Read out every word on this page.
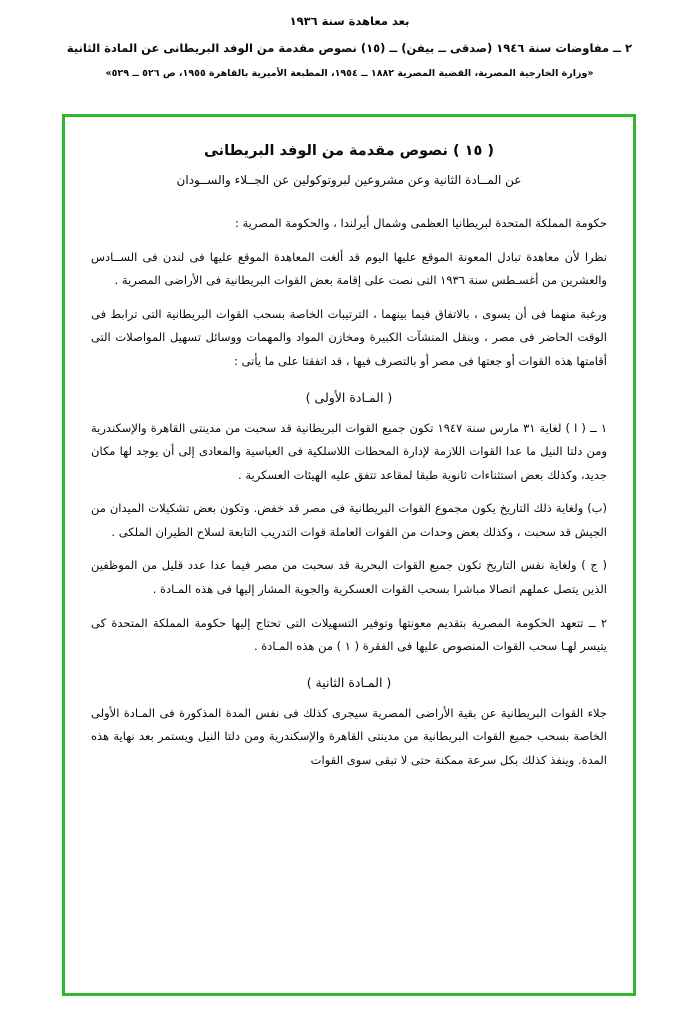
بعد معاهدة سنة ١٩٣٦
٢ ــ مفاوضات سنة ١٩٤٦ (صدقى ــ بيفن) ــ (١٥) نصوص مقدمة من الوفد البريطانى عن المادة الثانية
«وزارة الخارجية المصرية، القضية المصرية ١٨٨٢ ــ ١٩٥٤، المطبعة الأميرية بالقاهرة ١٩٥٥، ص ٥٢٦ ــ ٥٢٩»
( ١٥ ) نصوص مقدمة من الوفد البريطانى
عن المــادة الثانية وعن مشروعين لبروتوكولين عن الجــلاء والســودان

حكومة المملكة المتحدة لبريطانيا العظمى وشمال أيرلندا ، والحكومة المصرية :

نظرا لأن معاهدة تبادل المعونة الموقع عليها اليوم قد ألغت المعاهدة الموقع عليها فى لندن فى الســادس والعشرين من أغسـطس سنة ١٩٣٦ التى نصت على إقامة بعض القوات البريطانية فى الأراضى المصرية .

ورغبة منهما فى أن يسوى ، بالاتفاق فيما بينهما ، الترتيبات الخاصة بسحب القوات البريطانية التى ترابط فى الوقت الحاضر فى مصر ، وبنقل المنشآت الكبيرة ومخازن المواد والمهمات ووسائل تسهيل المواصلات التى أقامتها هذه القوات أو جعتها فى مصر أو بالتصرف فيها ، قد اتفقتا على ما يأتى :

( المـادة الأولى )

١ ــ ( ا ) لغاية ٣١ مارس سنة ١٩٤٧ تكون جميع القوات البريطانية قد سحبت من مدينتى القاهرة والإسكندرية ومن دلتا النيل ما عدا القوات اللازمة لإدارة المحطات اللاسلكية فى العباسية والمعادى إلى أن يوجد لها مكان جديد، وكذلك بعض استثناءات ثانوية طبقا لمقاعد تتفق عليه الهيئات العسكرية .

(ب) ولغاية ذلك التاريخ يكون مجموع القوات البريطانية فى مصر قد خفض. وتكون بعض تشكيلات الميدان من الجيش قد سحبت ، وكذلك بعض وحدات من القوات العاملة قوات التدريب التابعة لسلاح الطيران الملكى .

( ج ) ولغاية نفس التاريخ تكون جميع القوات البحرية قد سحبت من مصر فيما عدا عدد قليل من الموظفين الذين يتصل عملهم اتصالا مباشرا بسحب القوات العسكرية والجوية المشار إليها فى هذه المـادة .

٢ ــ تتعهد الحكومة المصرية بتقديم معونتها وتوفير التسهيلات التى تحتاج إليها حكومة المملكة المتحدة كى يتيسر لهـا سحب القوات المنصوص عليها فى الفقرة ( ١ ) من هذه المـادة .

( المـادة الثانية )

جلاء القوات البريطانية عن بقية الأراضى المصرية سيجرى كذلك فى نفس المدة المذكورة فى المـادة الأولى الخاصة بسحب جميع القوات البريطانية من مدينتى القاهرة والإسكندرية ومن دلتا النيل ويستمر بعد نهاية هذه المدة. وينفذ كذلك بكل سرعة ممكنة حتى لا تبقى سوى القوات
